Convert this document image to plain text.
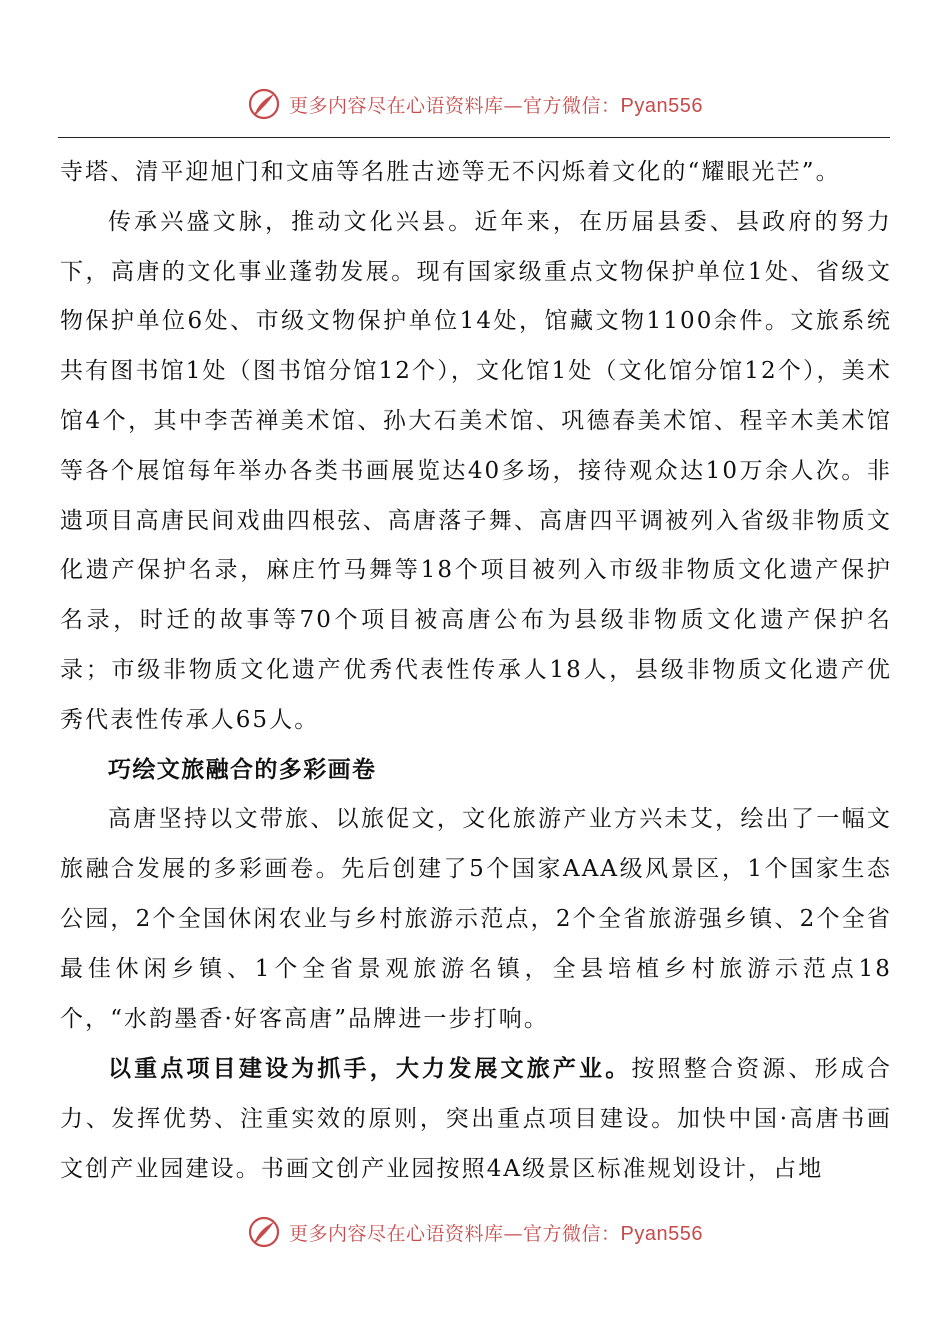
更多内容尽在心语资料库—官方微信：Pyan556

寺塔、清平迎旭门和文庙等名胜古迹等无不闪烁着文化的“耀眼光芒”。

传承兴盛文脉，推动文化兴县。近年来，在历届县委、县政府的努力下，高唐的文化事业蓬勃发展。现有国家级重点文物保护单位1处、省级文物保护单位6处、市级文物保护单位14处，馆藏文物1100余件。文旅系统共有图书馆1处（图书馆分馆12个），文化馆1处（文化馆分馆12个），美术馆4个，其中李苦禅美术馆、孙大石美术馆、巩德春美术馆、程辛木美术馆等各个展馆每年举办各类书画展览达40多场，接待观众达10万余人次。非遗项目高唐民间戏曲四根弦、高唐落子舞、高唐四平调被列入省级非物质文化遗产保护名录，麻庄竹马舞等18个项目被列入市级非物质文化遗产保护名录，时迁的故事等70个项目被高唐公布为县级非物质文化遗产保护名录；市级非物质文化遗产优秀代表性传承人18人，县级非物质文化遗产优秀代表性传承人65人。

巧绘文旅融合的多彩画卷

高唐坚持以文带旅、以旅促文，文化旅游产业方兴未艾，绘出了一幅文旅融合发展的多彩画卷。先后创建了5个国家AAA级风景区，1个国家生态公园，2个全国休闲农业与乡村旅游示范点，2个全省旅游强乡镇、2个全省最佳休闲乡镇、1个全省景观旅游名镇，全县培植乡村旅游示范点18个，“水韵墨香·好客高唐”品牌进一步打响。

以重点项目建设为抓手，大力发展文旅产业。按照整合资源、形成合力、发挥优势、注重实效的原则，突出重点项目建设。加快中国·高唐书画文创产业园建设。书画文创产业园按照4A级景区标准规划设计，占地

更多内容尽在心语资料库—官方微信：Pyan556
